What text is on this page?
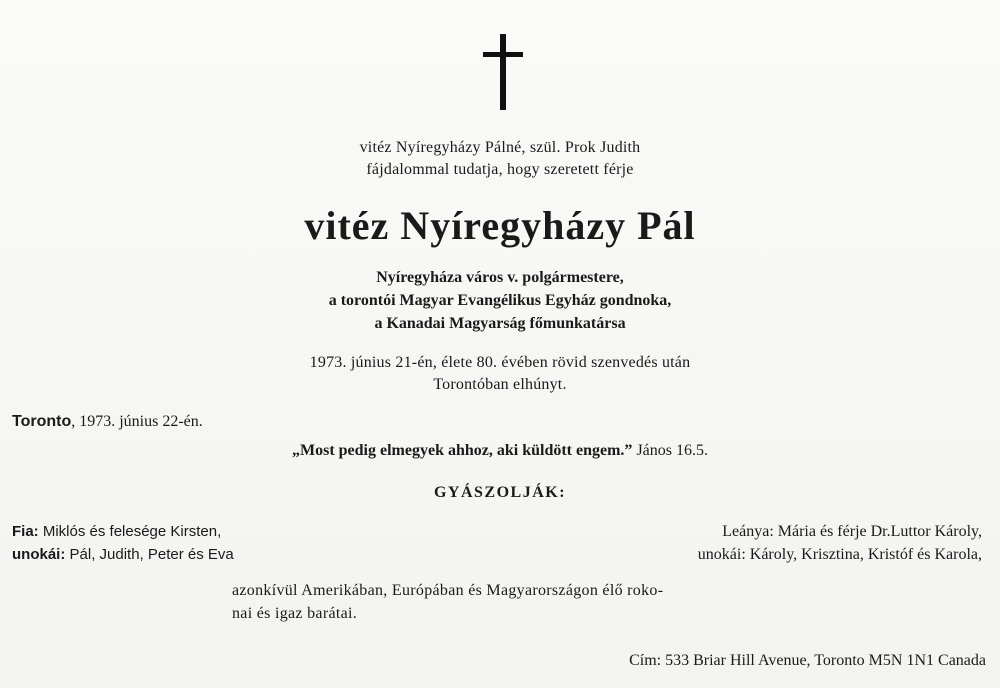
vitéz Nyíregyházy Pálné, szül. Prok Judith
fájdalommal tudatja, hogy szeretett férje
vitéz Nyíregyházy Pál
Nyíregyháza város v. polgármestere,
a torontói Magyar Evangélikus Egyház gondnoka,
a Kanadai Magyarság főmunkatársa
1973. június 21-én, élete 80. évében rövid szenvedés után
Torontóban elhúnyt.
Toronto, 1973. június 22-én.
„Most pedig elmegyek ahhoz, aki küldött engem.” János 16.5.
GYÁSZOLJÁK:
Fia: Miklós és felesége Kirsten,
unokái: Pál, Judith, Peter és Eva
Leánya: Mária és férje Dr.Luttor Károly,
unokái: Károly, Krisztina, Kristóf és Karola,
azonkívül Amerikában, Európában és Magyarországon élő roko-
nai és igaz barátai.
Cím: 533 Briar Hill Avenue, Toronto M5N 1N1 Canada
